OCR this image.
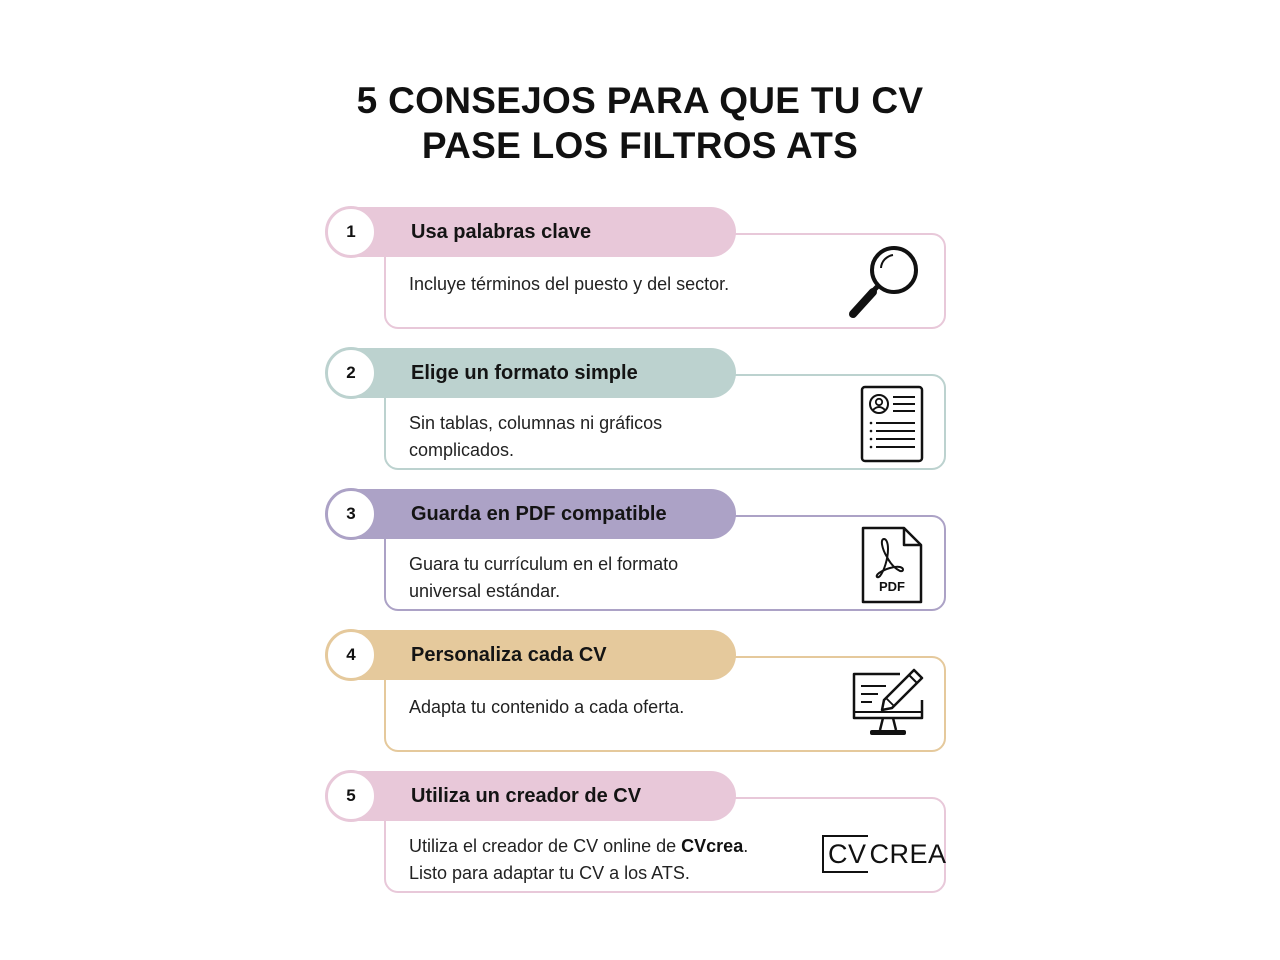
5 CONSEJOS PARA QUE TU CV
PASE LOS FILTROS ATS
1	Usa palabras clave
Incluye términos del puesto y del sector.
2	Elige un formato simple
Sin tablas, columnas ni gráficos
complicados.
3	Guarda en PDF compatible
Guara tu currículum en el formato
universal estándar.	PDF
4	Personaliza cada CV
Adapta tu contenido a cada oferta.
5	Utiliza un creador de CV
Utiliza el creador de CV online de CVcrea.
Listo para adaptar tu CV a los ATS.
CV CREA
